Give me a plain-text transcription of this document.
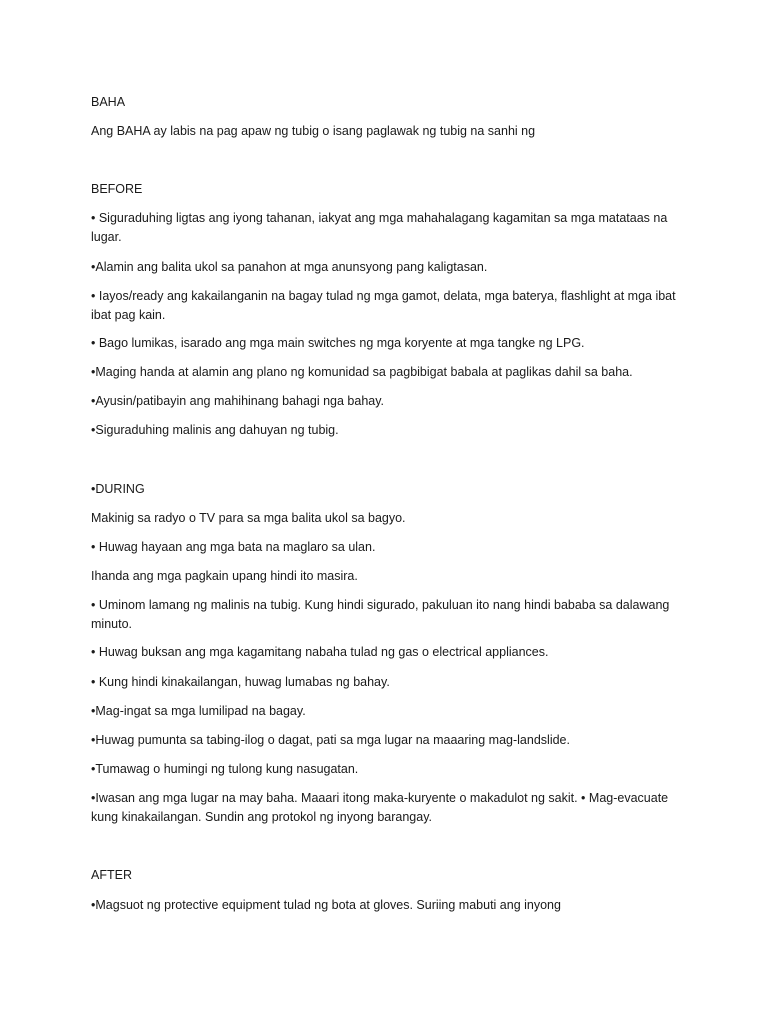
BAHA
Ang BAHA ay labis na pag apaw ng tubig o isang paglawak ng tubig na sanhi ng
BEFORE
• Siguraduhing ligtas ang iyong tahanan, iakyat ang mga mahahalagang kagamitan sa mga matataas na lugar.
•Alamin ang balita ukol sa panahon at mga anunsyong pang kaligtasan.
• Iayos/ready ang kakailanganin na bagay tulad ng mga gamot, delata, mga baterya, flashlight at mga ibat ibat pag kain.
• Bago lumikas, isarado ang mga main switches ng mga koryente at mga tangke ng LPG.
•Maging handa at alamin ang plano ng komunidad sa pagbibigat babala at paglikas dahil sa baha.
•Ayusin/patibayin ang mahihinang bahagi nga bahay.
•Siguraduhing malinis ang dahuyan ng tubig.
•DURING
Makinig sa radyo o TV para sa mga balita ukol sa bagyo.
• Huwag hayaan ang mga bata na maglaro sa ulan.
Ihanda ang mga pagkain upang hindi ito masira.
• Uminom lamang ng malinis na tubig. Kung hindi sigurado, pakuluan ito nang hindi bababa sa dalawang minuto.
• Huwag buksan ang mga kagamitang nabaha tulad ng gas o electrical appliances.
• Kung hindi kinakailangan, huwag lumabas ng bahay.
•Mag-ingat sa mga lumilipad na bagay.
•Huwag pumunta sa tabing-ilog o dagat, pati sa mga lugar na maaaring mag-landslide.
•Tumawag o humingi ng tulong kung nasugatan.
•Iwasan ang mga lugar na may baha. Maaari itong maka-kuryente o makadulot ng sakit. • Mag-evacuate kung kinakailangan. Sundin ang protokol ng inyong barangay.
AFTER
•Magsuot ng protective equipment tulad ng bota at gloves. Suriing mabuti ang inyong
